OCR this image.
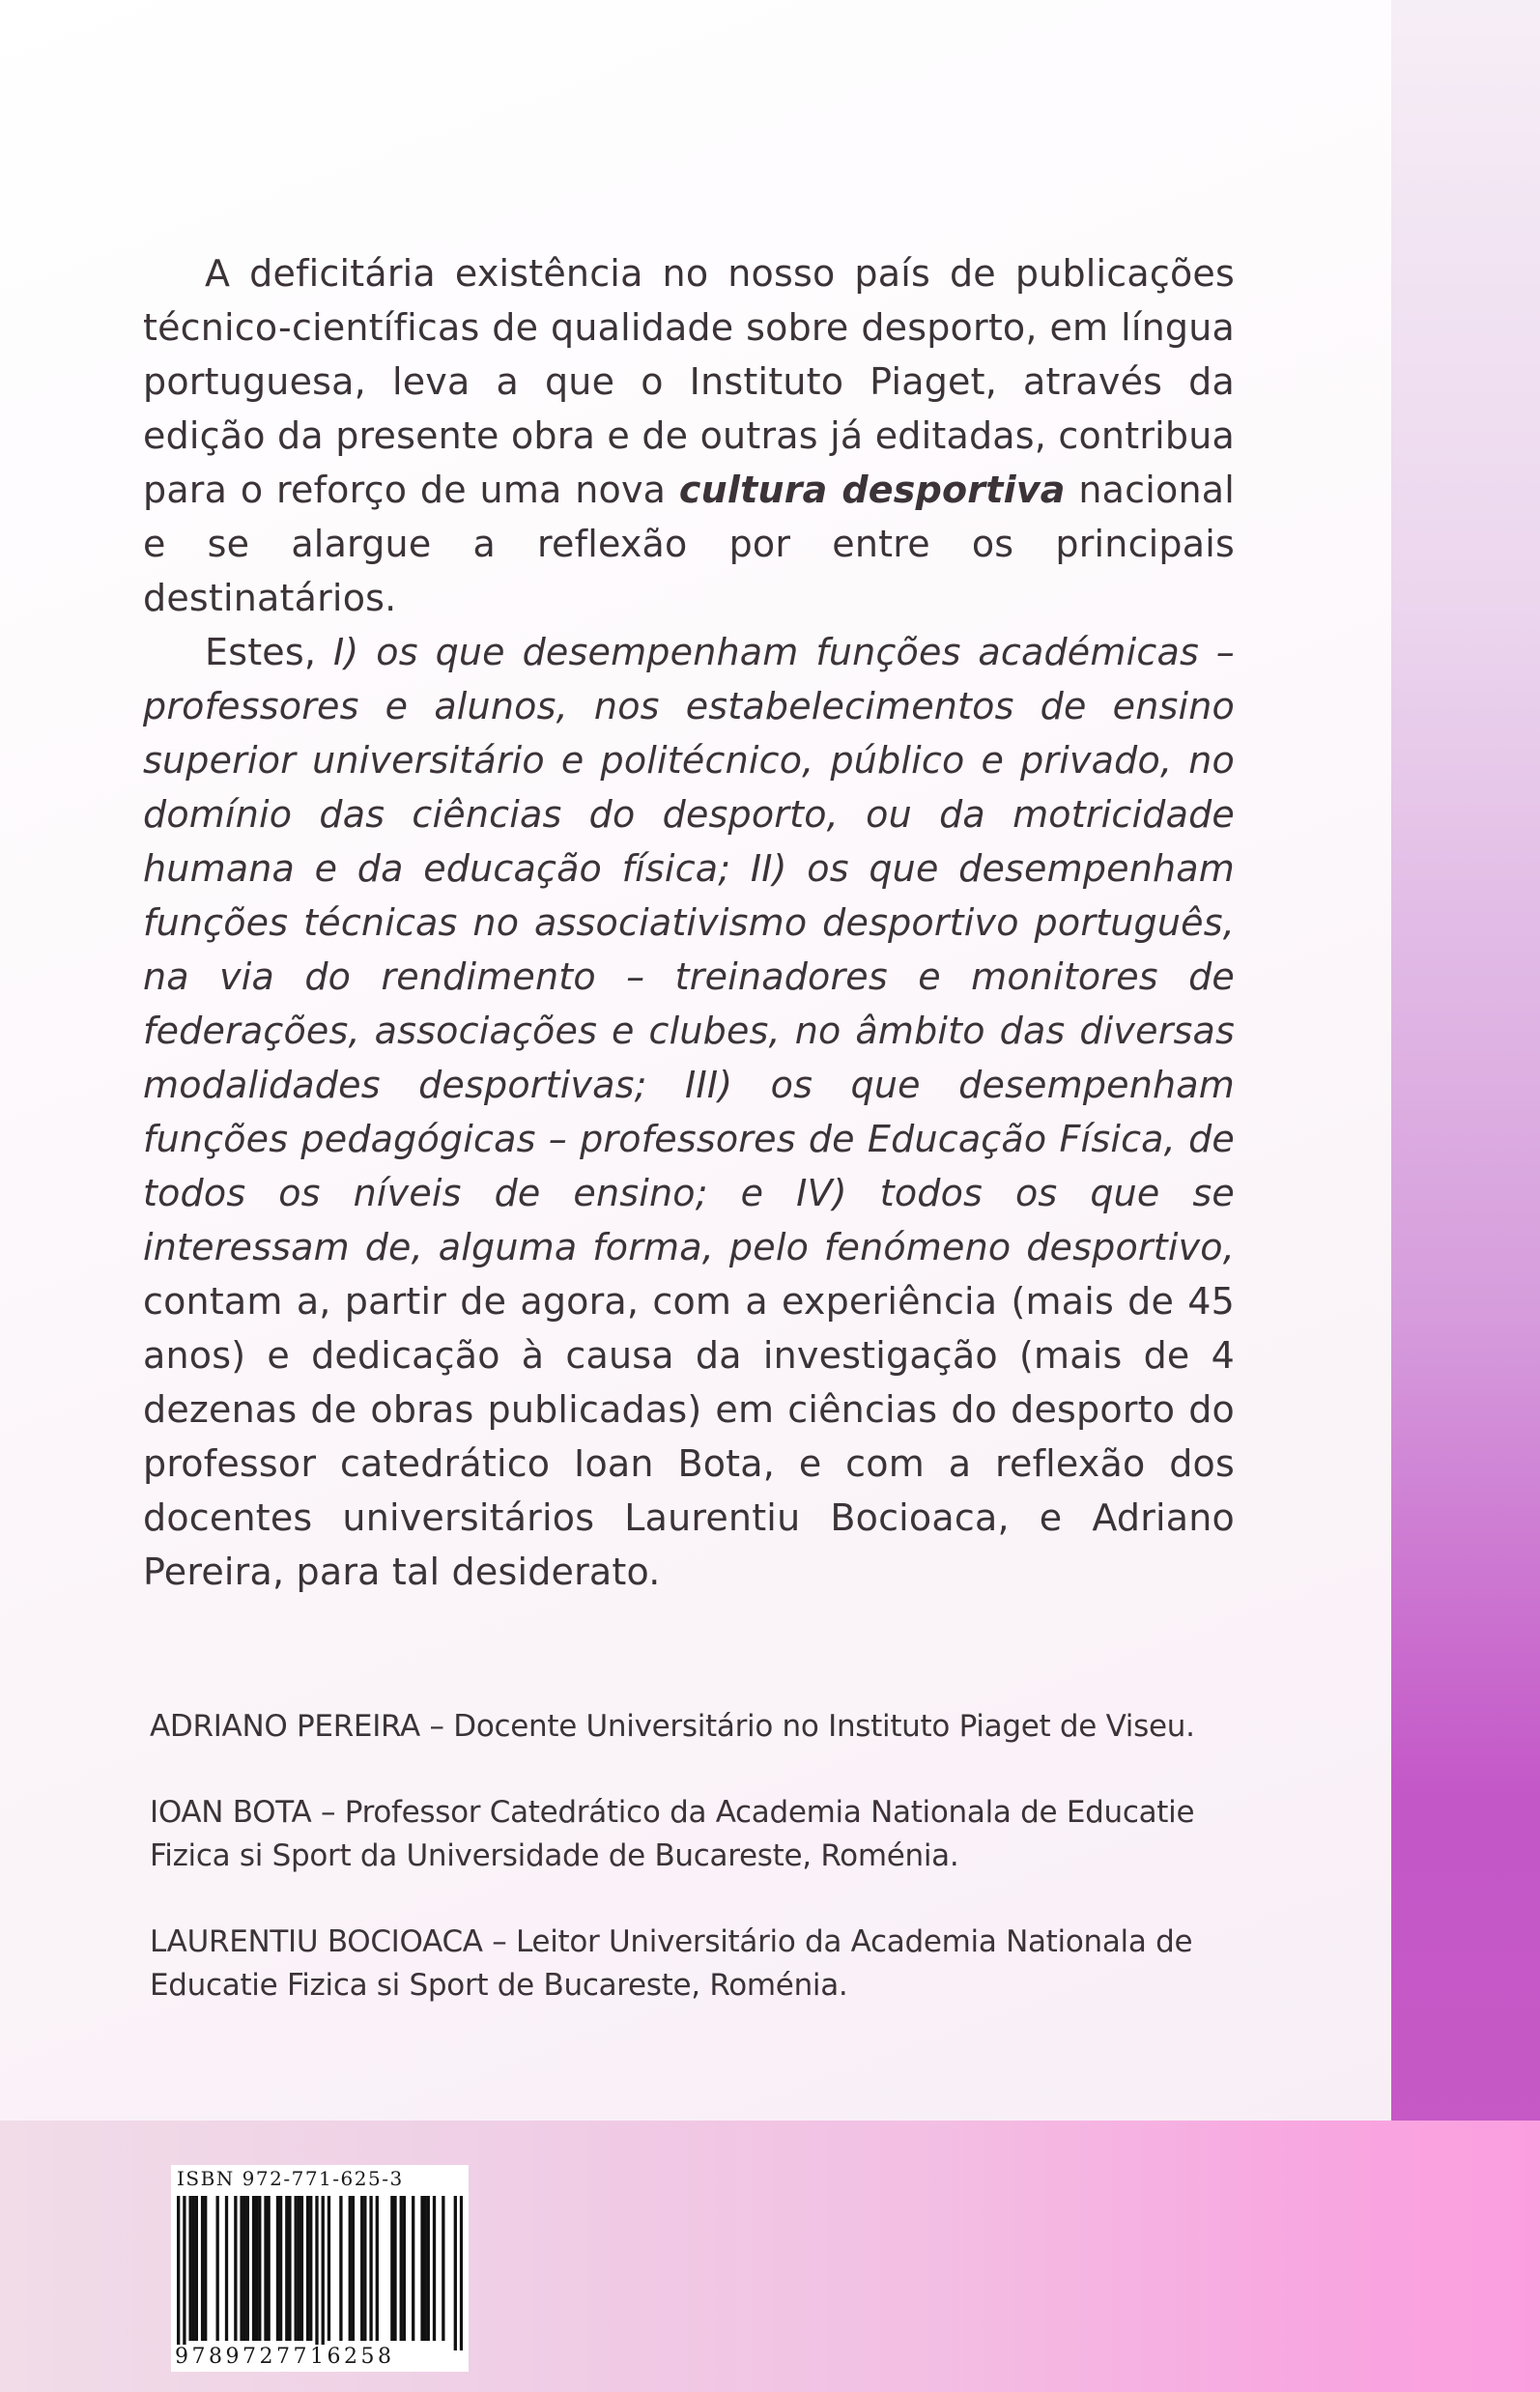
A deficitária existência no nosso país de publicações técnico-científicas de qualidade sobre desporto, em língua portuguesa, leva a que o Instituto Piaget, através da edição da presente obra e de outras já editadas, contribua para o reforço de uma nova cultura desportiva nacional e se alargue a reflexão por entre os principais destinatários.

Estes, I) os que desempenham funções académicas – professores e alunos, nos estabelecimentos de ensino superior universitário e politécnico, público e privado, no domínio das ciências do desporto, ou da motricidade humana e da educação física; II) os que desempenham funções técnicas no associativismo desportivo português, na via do rendimento – treinadores e monitores de federações, associações e clubes, no âmbito das diversas modalidades desportivas; III) os que desempenham funções pedagógicas – professores de Educação Física, de todos os níveis de ensino; e IV) todos os que se interessam de, alguma forma, pelo fenómeno desportivo, contam a, partir de agora, com a experiência (mais de 45 anos) e dedicação à causa da investigação (mais de 4 dezenas de obras publicadas) em ciências do desporto do professor catedrático Ioan Bota, e com a reflexão dos docentes universitários Laurentiu Bocioaca, e Adriano Pereira, para tal desiderato.

ADRIANO PEREIRA – Docente Universitário no Instituto Piaget de Viseu.

IOAN BOTA – Professor Catedrático da Academia Nationala de Educatie Fizica si Sport da Universidade de Bucareste, Roménia.

LAURENTIU BOCIOACA – Leitor Universitário da Academia Nationala de Educatie Fizica si Sport de Bucareste, Roménia.

ISBN 972-771-625-3
9789727716258
